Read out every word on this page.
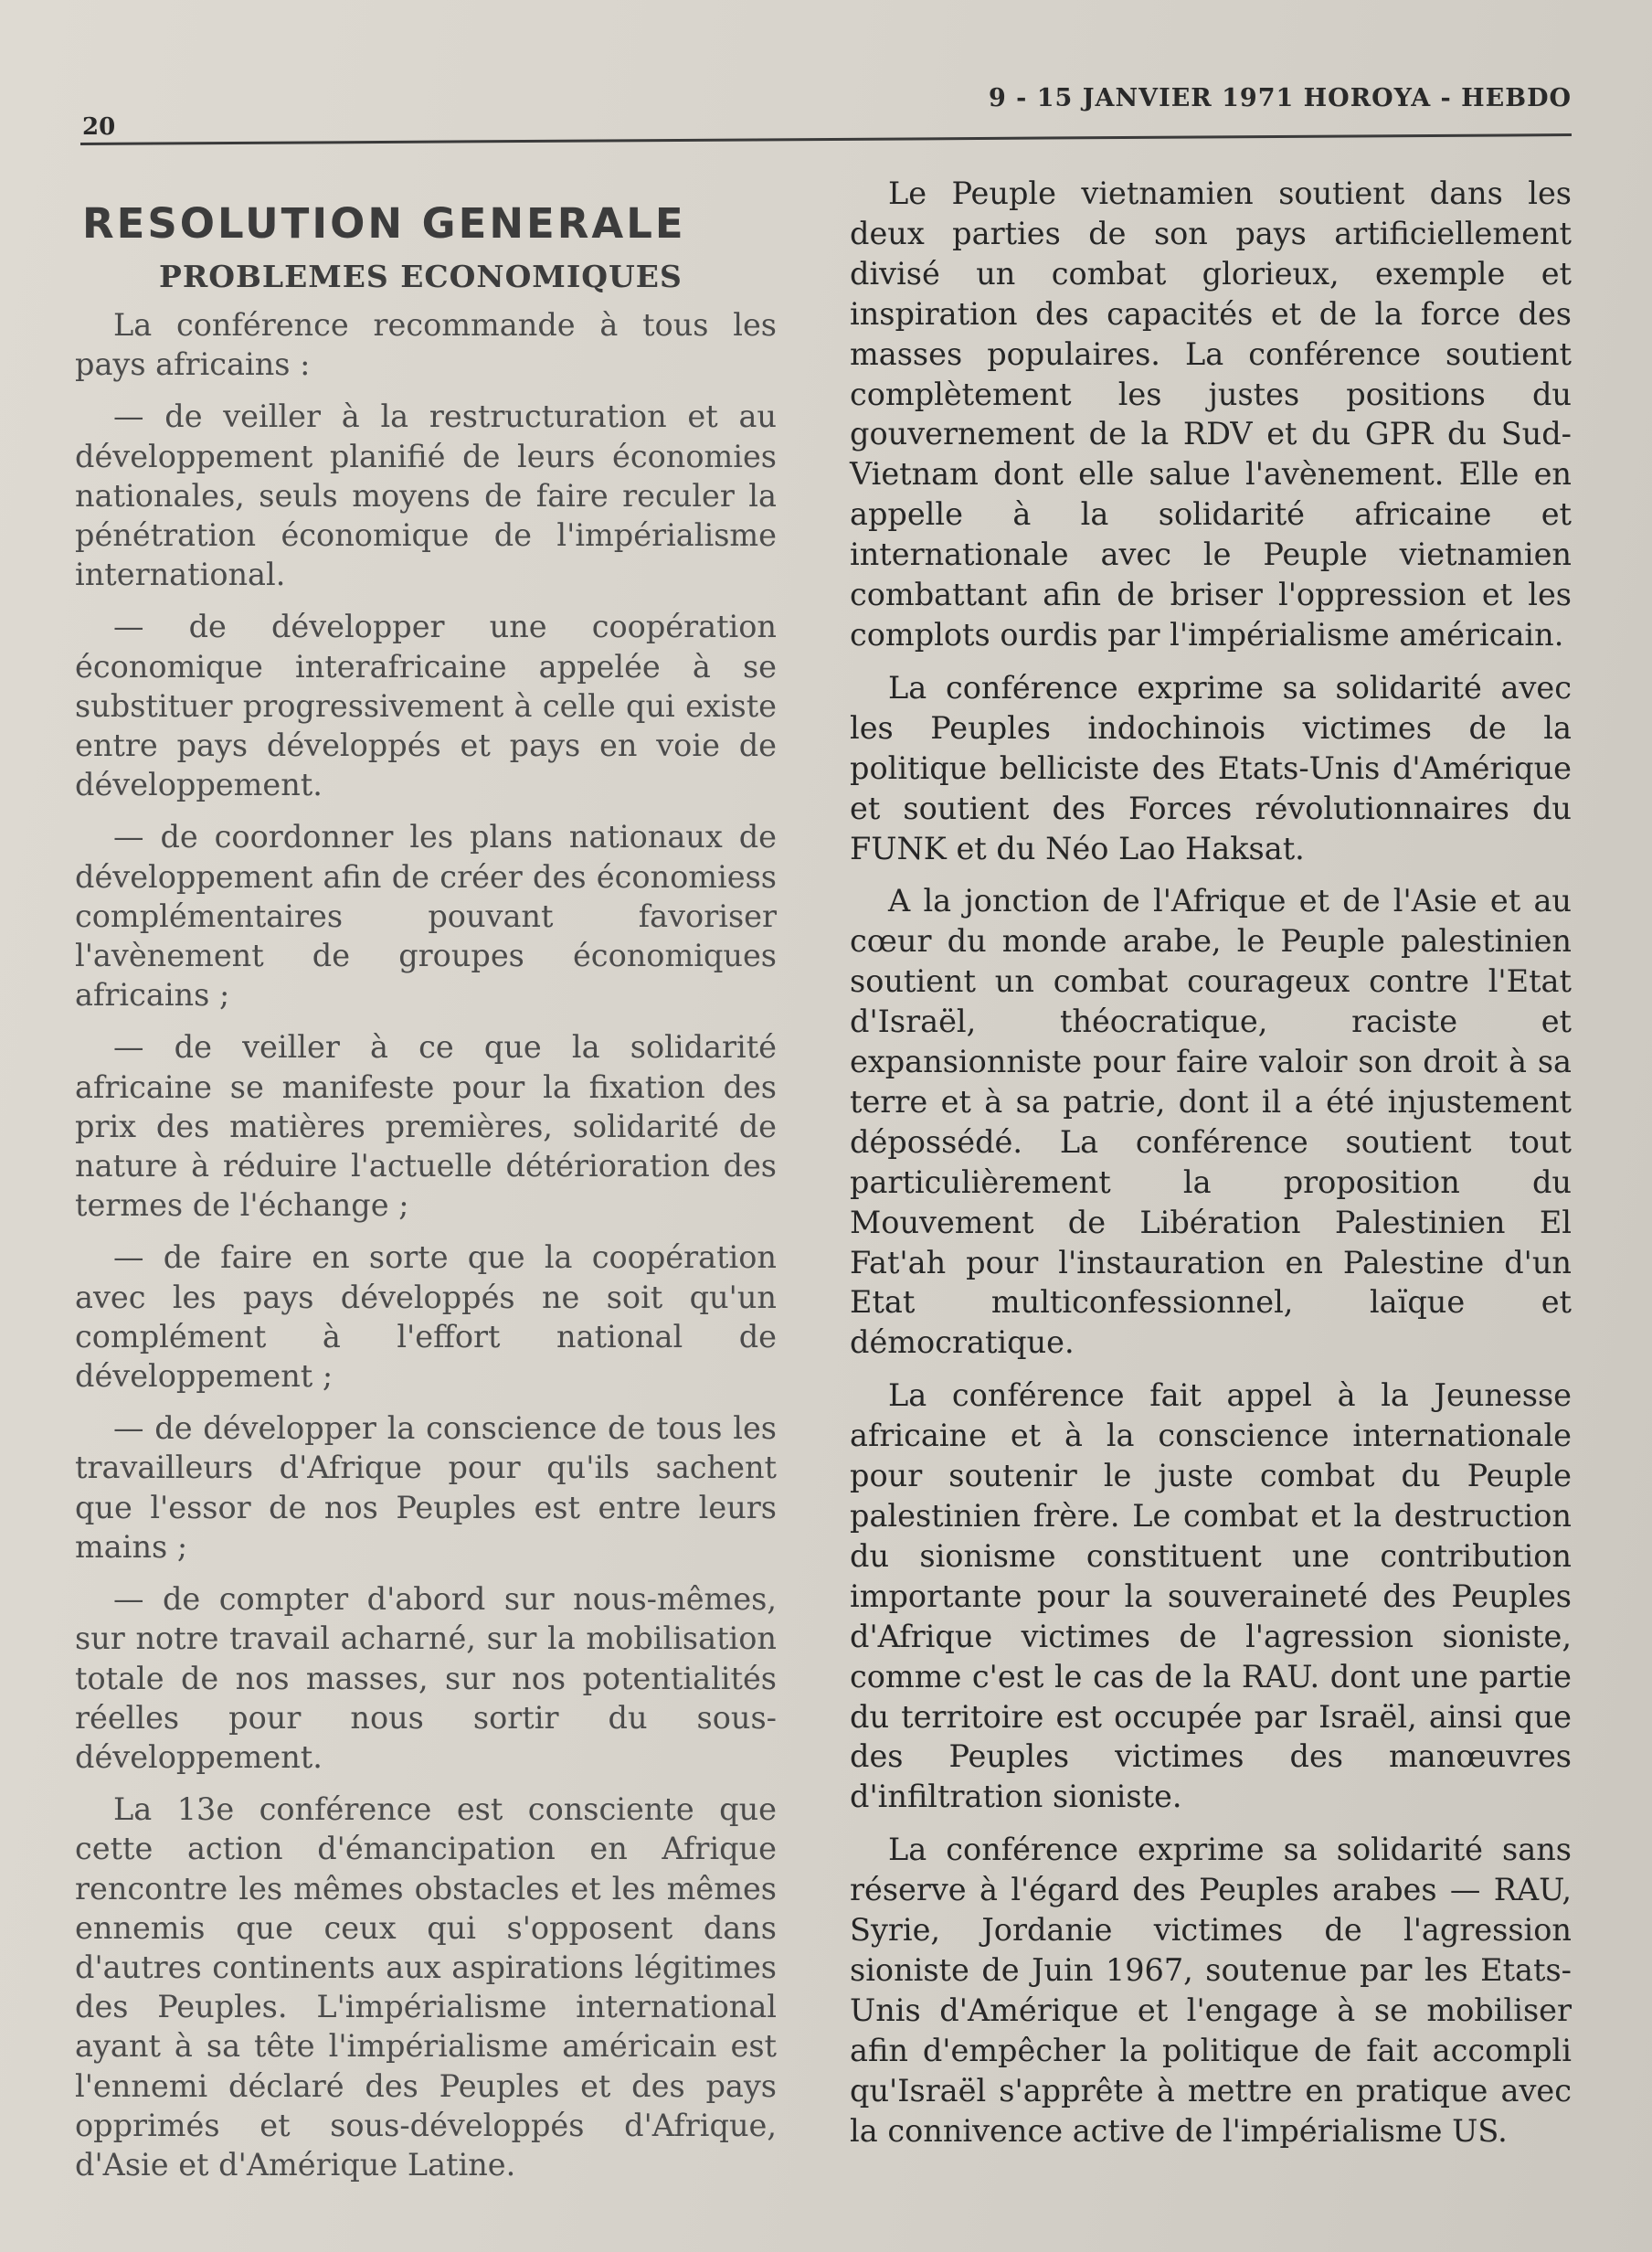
20
9 - 15 JANVIER 1971 HOROYA - HEBDO
RESOLUTION GENERALE
PROBLEMES ECONOMIQUES

La conférence recommande à tous les pays africains :

— de veiller à la restructuration et au développement planifié de leurs économies nationales, seuls moyens de faire reculer la pénétration économique de l'impérialisme international.

— de développer une coopération économique interafricaine appelée à se substituer progressivement à celle qui existe entre pays développés et pays en voie de développement.

— de coordonner les plans nationaux de développement afin de créer des économiess complémentaires pouvant favoriser l'avènement de groupes économiques africains ;

— de veiller à ce que la solidarité africaine se manifeste pour la fixation des prix des matières premières, solidarité de nature à réduire l'actuelle détérioration des termes de l'échange ;

— de faire en sorte que la coopération avec les pays développés ne soit qu'un complément à l'effort national de développement ;

— de développer la conscience de tous les travailleurs d'Afrique pour qu'ils sachent que l'essor de nos Peuples est entre leurs mains ;

— de compter d'abord sur nous-mêmes, sur notre travail acharné, sur la mobilisation totale de nos masses, sur nos potentialités réelles pour nous sortir du sous-développement.

La 13e conférence est consciente que cette action d'émancipation en Afrique rencontre les mêmes obstacles et les mêmes ennemis que ceux qui s'opposent dans d'autres continents aux aspirations légitimes des Peuples. L'impérialisme international ayant à sa tête l'impérialisme américain est l'ennemi déclaré des Peuples et des pays opprimés et sous-développés d'Afrique, d'Asie et d'Amérique Latine.

Le Peuple vietnamien soutient dans les deux parties de son pays artificiellement divisé un combat glorieux, exemple et inspiration des capacités et de la force des masses populaires. La conférence soutient complètement les justes positions du gouvernement de la RDV et du GPR du Sud-Vietnam dont elle salue l'avènement. Elle en appelle à la solidarité africaine et internationale avec le Peuple vietnamien combattant afin de briser l'oppression et les complots ourdis par l'impérialisme américain.

La conférence exprime sa solidarité avec les Peuples indochinois victimes de la politique belliciste des Etats-Unis d'Amérique et soutient des Forces révolutionnaires du FUNK et du Néo Lao Haksat.

A la jonction de l'Afrique et de l'Asie et au cœur du monde arabe, le Peuple palestinien soutient un combat courageux contre l'Etat d'Israël, théocratique, raciste et expansionniste pour faire valoir son droit à sa terre et à sa patrie, dont il a été injustement dépossédé. La conférence soutient tout particulièrement la proposition du Mouvement de Libération Palestinien El Fat'ah pour l'instauration en Palestine d'un Etat multiconfessionnel, laïque et démocratique.

La conférence fait appel à la Jeunesse africaine et à la conscience internationale pour soutenir le juste combat du Peuple palestinien frère. Le combat et la destruction du sionisme constituent une contribution importante pour la souveraineté des Peuples d'Afrique victimes de l'agression sioniste, comme c'est le cas de la RAU. dont une partie du territoire est occupée par Israël, ainsi que des Peuples victimes des manœuvres d'infiltration sioniste.

La conférence exprime sa solidarité sans réserve à l'égard des Peuples arabes — RAU, Syrie, Jordanie victimes de l'agression sioniste de Juin 1967, soutenue par les Etats-Unis d'Amérique et l'engage à se mobiliser afin d'empêcher la politique de fait accompli qu'Israël s'apprête à mettre en pratique avec la connivence active de l'impérialisme US.
